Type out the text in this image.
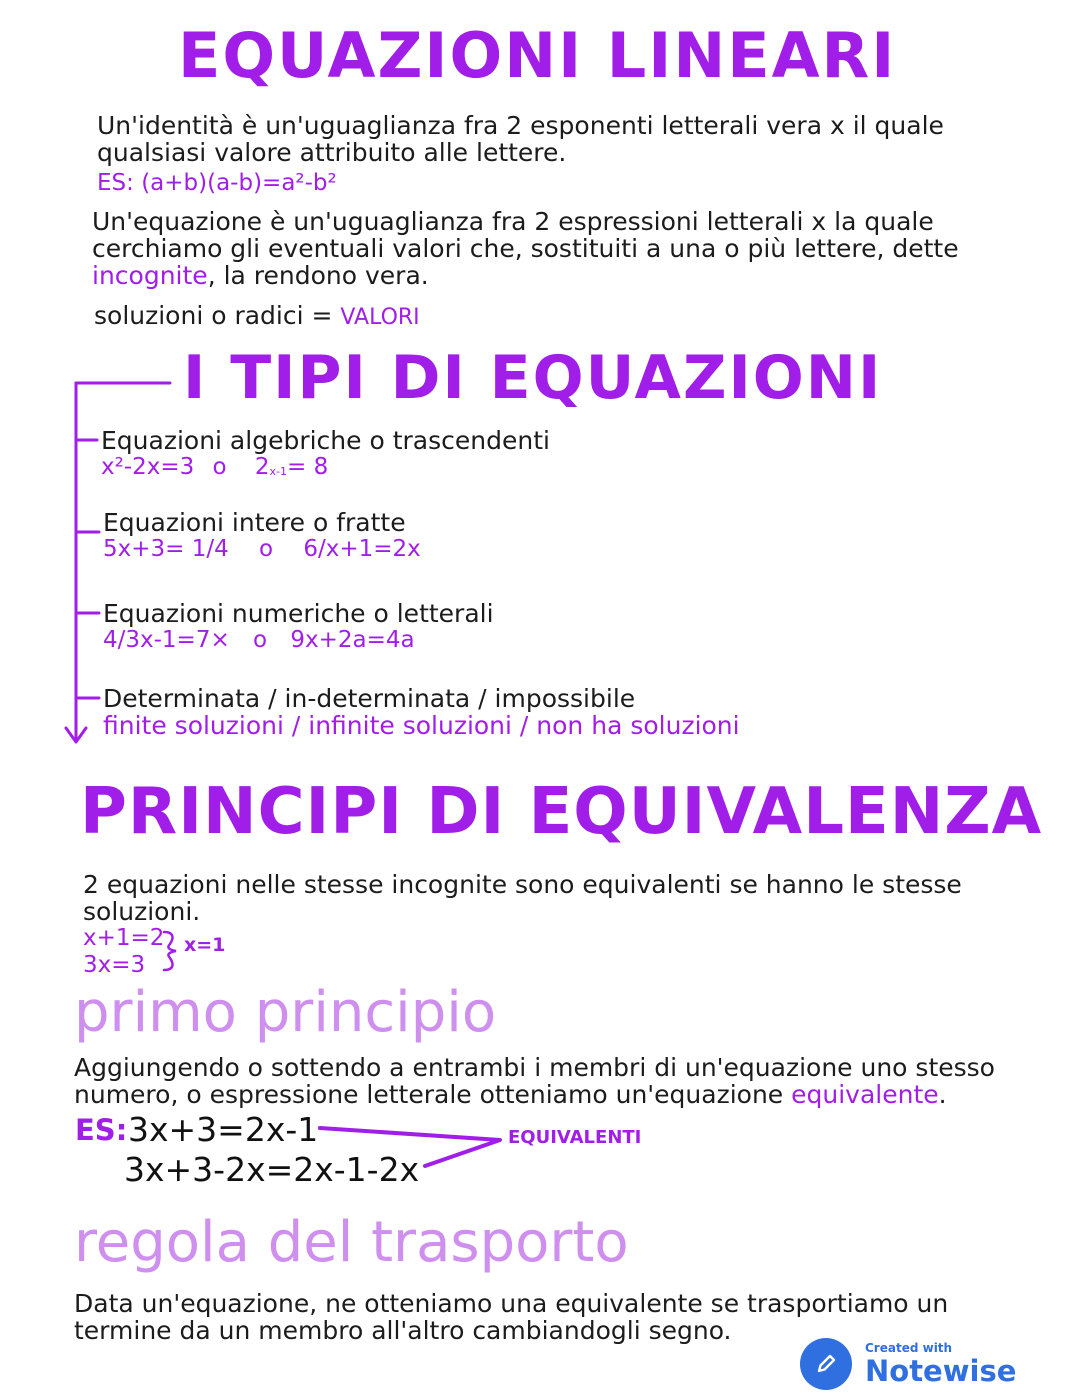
EQUAZIONI LINEARI
Un'identità è un'uguaglianza fra 2 esponenti letterali vera x il quale qualsiasi valore attribuito alle lettere.
ES: (a+b)(a-b)=a²-b²
Un'equazione è un'uguaglianza fra 2 espressioni letterali x la quale cerchiamo gli eventuali valori che, sostituiti a una o più lettere, dette incognite, la rendono vera.
soluzioni o radici = VALORI
I TIPI DI EQUAZIONI
Equazioni algebriche o trascendenti
x²-2x=3 o $2^{x-1}= 8$
Equazioni intere o fratte
5x+3= 1/4 o 6/x+1=2x
Equazioni numeriche o letterali
4/3x-1=7× o 9x+2a=4a
Determinata / in-determinata / impossibile
finite soluzioni / infinite soluzioni / non ha soluzioni
PRINCIPI DI EQUIVALENZA
2 equazioni nelle stesse incognite sono equivalenti se hanno le stesse soluzioni.
x+1=2
3x=3
x=1
primo principio
Aggiungendo o sottendo a entrambi i membri di un'equazione uno stesso numero, o espressione letterale otteniamo un'equazione equivalente.
ES: 3x+3=2x-1
3x+3-2x=2x-1-2x
EQUIVALENTI
regola del trasporto
Data un'equazione, ne otteniamo una equivalente se trasportiamo un termine da un membro all'altro cambiandogli segno.
Created with
Notewise
